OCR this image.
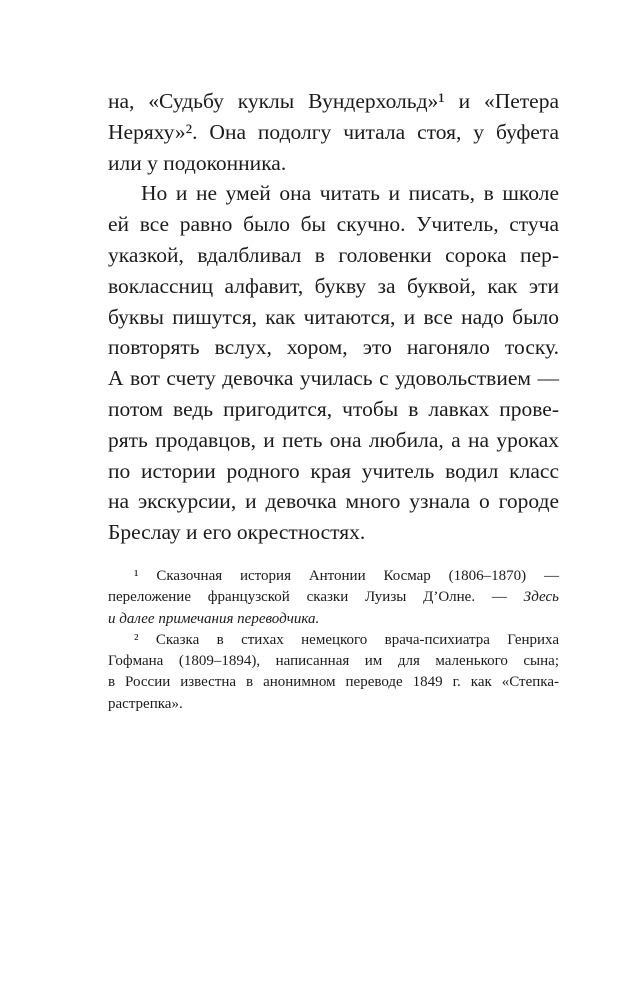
на, «Судьбу куклы Вундерхольд»¹ и «Петера
Неряху»². Она подолгу читала стоя, у буфета
или у подоконника.
Но и не умей она читать и писать, в школе
ей все равно было бы скучно. Учитель, стуча
указкой, вдалбливал в головенки сорока пер-
воклассниц алфавит, букву за буквой, как эти
буквы пишутся, как читаются, и все надо было
повторять вслух, хором, это нагоняло тоску.
А вот счету девочка училась с удовольствием —
потом ведь пригодится, чтобы в лавках прове-
рять продавцов, и петь она любила, а на уроках
по истории родного края учитель водил класс
на экскурсии, и девочка много узнала о городе
Бреслау и его окрестностях.
¹ Сказочная история Антонии Космар (1806–1870) —
переложение французской сказки Луизы Д’Олне. — Здесь
и далее примечания переводчика.
² Сказка в стихах немецкого врача-психиатра Генриха
Гофмана (1809–1894), написанная им для маленького сына;
в России известна в анонимном переводе 1849 г. как «Степка-
растрепка».
